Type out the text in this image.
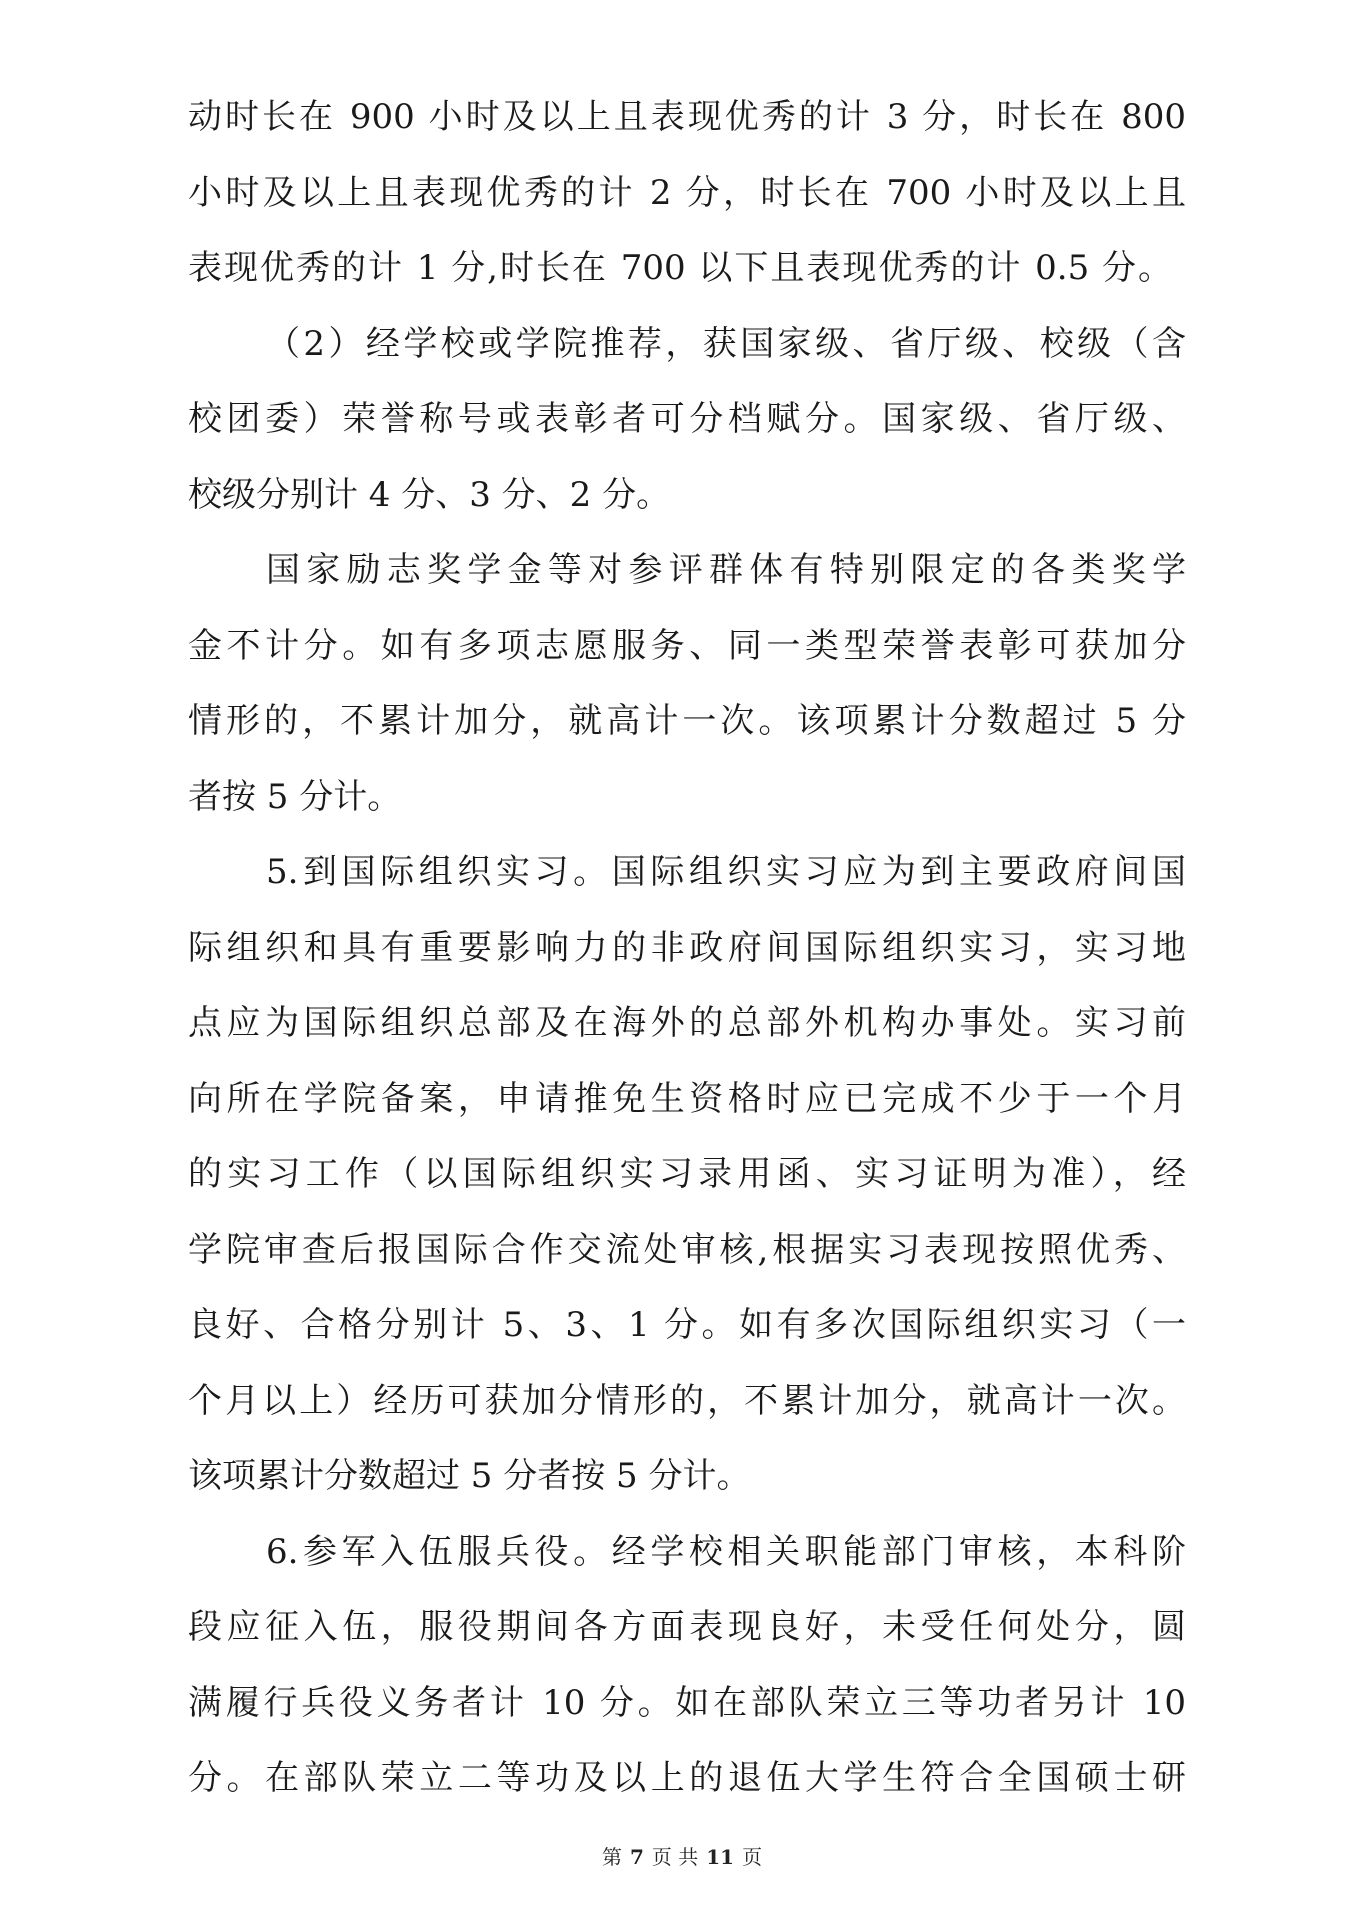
动时长在 900 小时及以上且表现优秀的计 3 分，时长在 800
小时及以上且表现优秀的计 2 分，时长在 700 小时及以上且
表现优秀的计 1 分,时长在 700 以下且表现优秀的计 0.5 分。
（2）经学校或学院推荐，获国家级、省厅级、校级（含
校团委）荣誉称号或表彰者可分档赋分。国家级、省厅级、
校级分别计 4 分、3 分、2 分。
国家励志奖学金等对参评群体有特别限定的各类奖学
金不计分。如有多项志愿服务、同一类型荣誉表彰可获加分
情形的，不累计加分，就高计一次。该项累计分数超过 5 分
者按 5 分计。
5.到国际组织实习。国际组织实习应为到主要政府间国
际组织和具有重要影响力的非政府间国际组织实习，实习地
点应为国际组织总部及在海外的总部外机构办事处。实习前
向所在学院备案，申请推免生资格时应已完成不少于一个月
的实习工作（以国际组织实习录用函、实习证明为准），经
学院审查后报国际合作交流处审核,根据实习表现按照优秀、
良好、合格分别计 5、3、1 分。如有多次国际组织实习（一
个月以上）经历可获加分情形的，不累计加分，就高计一次。
该项累计分数超过 5 分者按 5 分计。
6.参军入伍服兵役。经学校相关职能部门审核，本科阶
段应征入伍，服役期间各方面表现良好，未受任何处分，圆
满履行兵役义务者计 10 分。如在部队荣立三等功者另计 10
分。在部队荣立二等功及以上的退伍大学生符合全国硕士研
第 7 页 共 11 页
